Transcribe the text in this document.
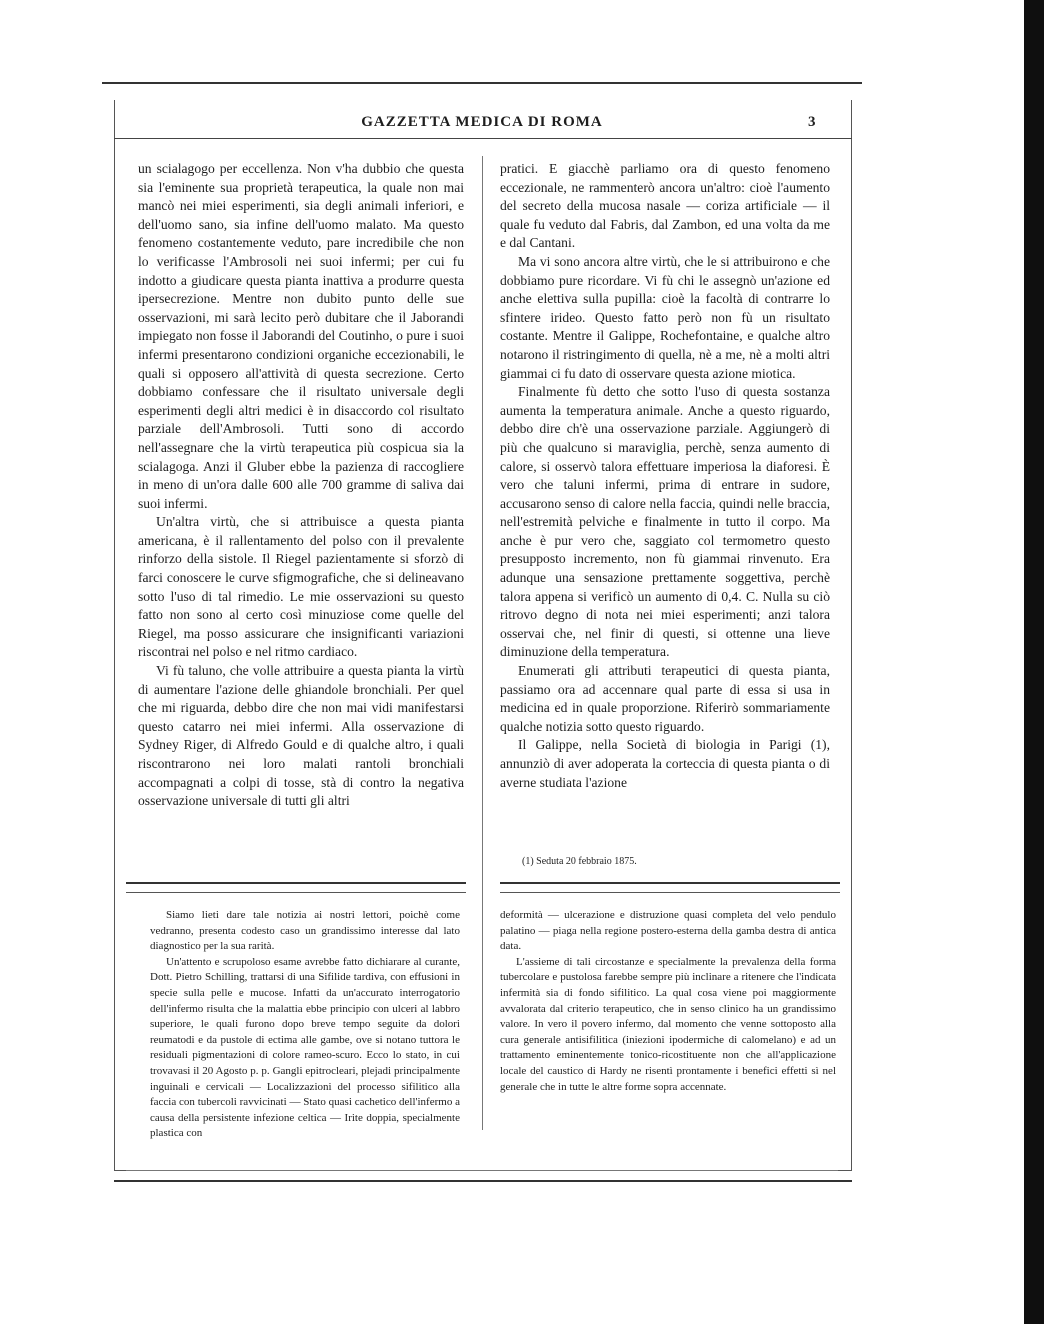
GAZZETTA MEDICA DI ROMA	3

un scialagogo per eccellenza. Non v'ha dubbio che questa sia l'eminente sua proprietà terapeutica, la quale non mai mancò nei miei esperimenti, sia degli animali inferiori, e dell'uomo sano, sia infine dell'uomo malato. Ma questo fenomeno costantemente veduto, pare incredibile che non lo verificasse l'Ambrosoli nei suoi infermi; per cui fu indotto a giudicare questa pianta inattiva a produrre questa ipersecrezione. Mentre non dubito punto delle sue osservazioni, mi sarà lecito però dubitare che il Jaborandi impiegato non fosse il Jaborandi del Coutinho, o pure i suoi infermi presentarono condizioni organiche eccezionabili, le quali si opposero all'attività di questa secrezione. Certo dobbiamo confessare che il risultato universale degli esperimenti degli altri medici è in disaccordo col risultato parziale dell'Ambrosoli. Tutti sono di accordo nell'assegnare che la virtù terapeutica più cospicua sia la scialagoga. Anzi il Gluber ebbe la pazienza di raccogliere in meno di un'ora dalle 600 alle 700 gramme di saliva dai suoi infermi.

Un'altra virtù, che si attribuisce a questa pianta americana, è il rallentamento del polso con il prevalente rinforzo della sistole. Il Riegel pazientamente si sforzò di farci conoscere le curve sfigmografiche, che si delineavano sotto l'uso di tal rimedio. Le mie osservazioni su questo fatto non sono al certo così minuziose come quelle del Riegel, ma posso assicurare che insignificanti variazioni riscontrai nel polso e nel ritmo cardiaco.

Vi fù taluno, che volle attribuire a questa pianta la virtù di aumentare l'azione delle ghiandole bronchiali. Per quel che mi riguarda, debbo dire che non mai vidi manifestarsi questo catarro nei miei infermi. Alla osservazione di Sydney Riger, di Alfredo Gould e di qualche altro, i quali riscontrarono nei loro malati rantoli bronchiali accompagnati a colpi di tosse, stà di contro la negativa osservazione universale di tutti gli altri

pratici. E giacchè parliamo ora di questo fenomeno eccezionale, ne rammenterò ancora un'altro: cioè l'aumento del secreto della mucosa nasale — coriza artificiale — il quale fu veduto dal Fabris, dal Zambon, ed una volta da me e dal Cantani.

Ma vi sono ancora altre virtù, che le si attribuirono e che dobbiamo pure ricordare. Vi fù chi le assegnò un'azione ed anche elettiva sulla pupilla: cioè la facoltà di contrarre lo sfintere irideo. Questo fatto però non fù un risultato costante. Mentre il Galippe, Rochefontaine, e qualche altro notarono il ristringimento di quella, nè a me, nè a molti altri giammai ci fu dato di osservare questa azione miotica.

Finalmente fù detto che sotto l'uso di questa sostanza aumenta la temperatura animale. Anche a questo riguardo, debbo dire ch'è una osservazione parziale. Aggiungerò di più che qualcuno si maraviglia, perchè, senza aumento di calore, si osservò talora effettuare imperiosa la diaforesi. È vero che taluni infermi, prima di entrare in sudore, accusarono senso di calore nella faccia, quindi nelle braccia, nell'estremità pelviche e finalmente in tutto il corpo. Ma anche è pur vero che, saggiato col termometro questo presupposto incremento, non fù giammai rinvenuto. Era adunque una sensazione prettamente soggettiva, perchè talora appena si verificò un aumento di 0,4. C. Nulla su ciò ritrovo degno di nota nei miei esperimenti; anzi talora osservai che, nel finir di questi, si ottenne una lieve diminuzione della temperatura.

Enumerati gli attributi terapeutici di questa pianta, passiamo ora ad accennare qual parte di essa si usa in medicina ed in quale proporzione. Riferirò sommariamente qualche notizia sotto questo riguardo.

Il Galippe, nella Società di biologia in Parigi (1), annunziò di aver adoperata la corteccia di questa pianta o di averne studiata l'azione

(1) Seduta 20 febbraio 1875.

Siamo lieti dare tale notizia ai nostri lettori, poichè come vedranno, presenta codesto caso un grandissimo interesse dal lato diagnostico per la sua rarità.

Un'attento e scrupoloso esame avrebbe fatto dichiarare al curante, Dott. Pietro Schilling, trattarsi di una Sifilide tardiva, con effusioni in specie sulla pelle e mucose. Infatti da un'accurato interrogatorio dell'infermo risulta che la malattia ebbe principio con ulceri al labbro superiore, le quali furono dopo breve tempo seguite da dolori reumatodi e da pustole di ectima alle gambe, ove si notano tuttora le residuali pigmentazioni di colore rameo-scuro. Ecco lo stato, in cui trovavasi il 20 Agosto p. p. Gangli epitrocleari, plejadi principalmente inguinali e cervicali — Localizzazioni del processo sifilitico alla faccia con tubercoli ravvicinati — Stato quasi cachetico dell'infermo a causa della persistente infezione celtica — Irite doppia, specialmente plastica con

deformità — ulcerazione e distruzione quasi completa del velo pendulo palatino — piaga nella regione postero-esterna della gamba destra di antica data.

L'assieme di tali circostanze e specialmente la prevalenza della forma tubercolare e pustolosa farebbe sempre più inclinare a ritenere che l'indicata infermità sia di fondo sifilitico. La qual cosa viene poi maggiormente avvalorata dal criterio terapeutico, che in senso clinico ha un grandissimo valore. In vero il povero infermo, dal momento che venne sottoposto alla cura generale antisifilitica (iniezioni ipodermiche di calomelano) e ad un trattamento eminentemente tonico-ricostituente non che all'applicazione locale del caustico di Hardy ne risentì prontamente i benefici effetti sì nel generale che in tutte le altre forme sopra accennate.
